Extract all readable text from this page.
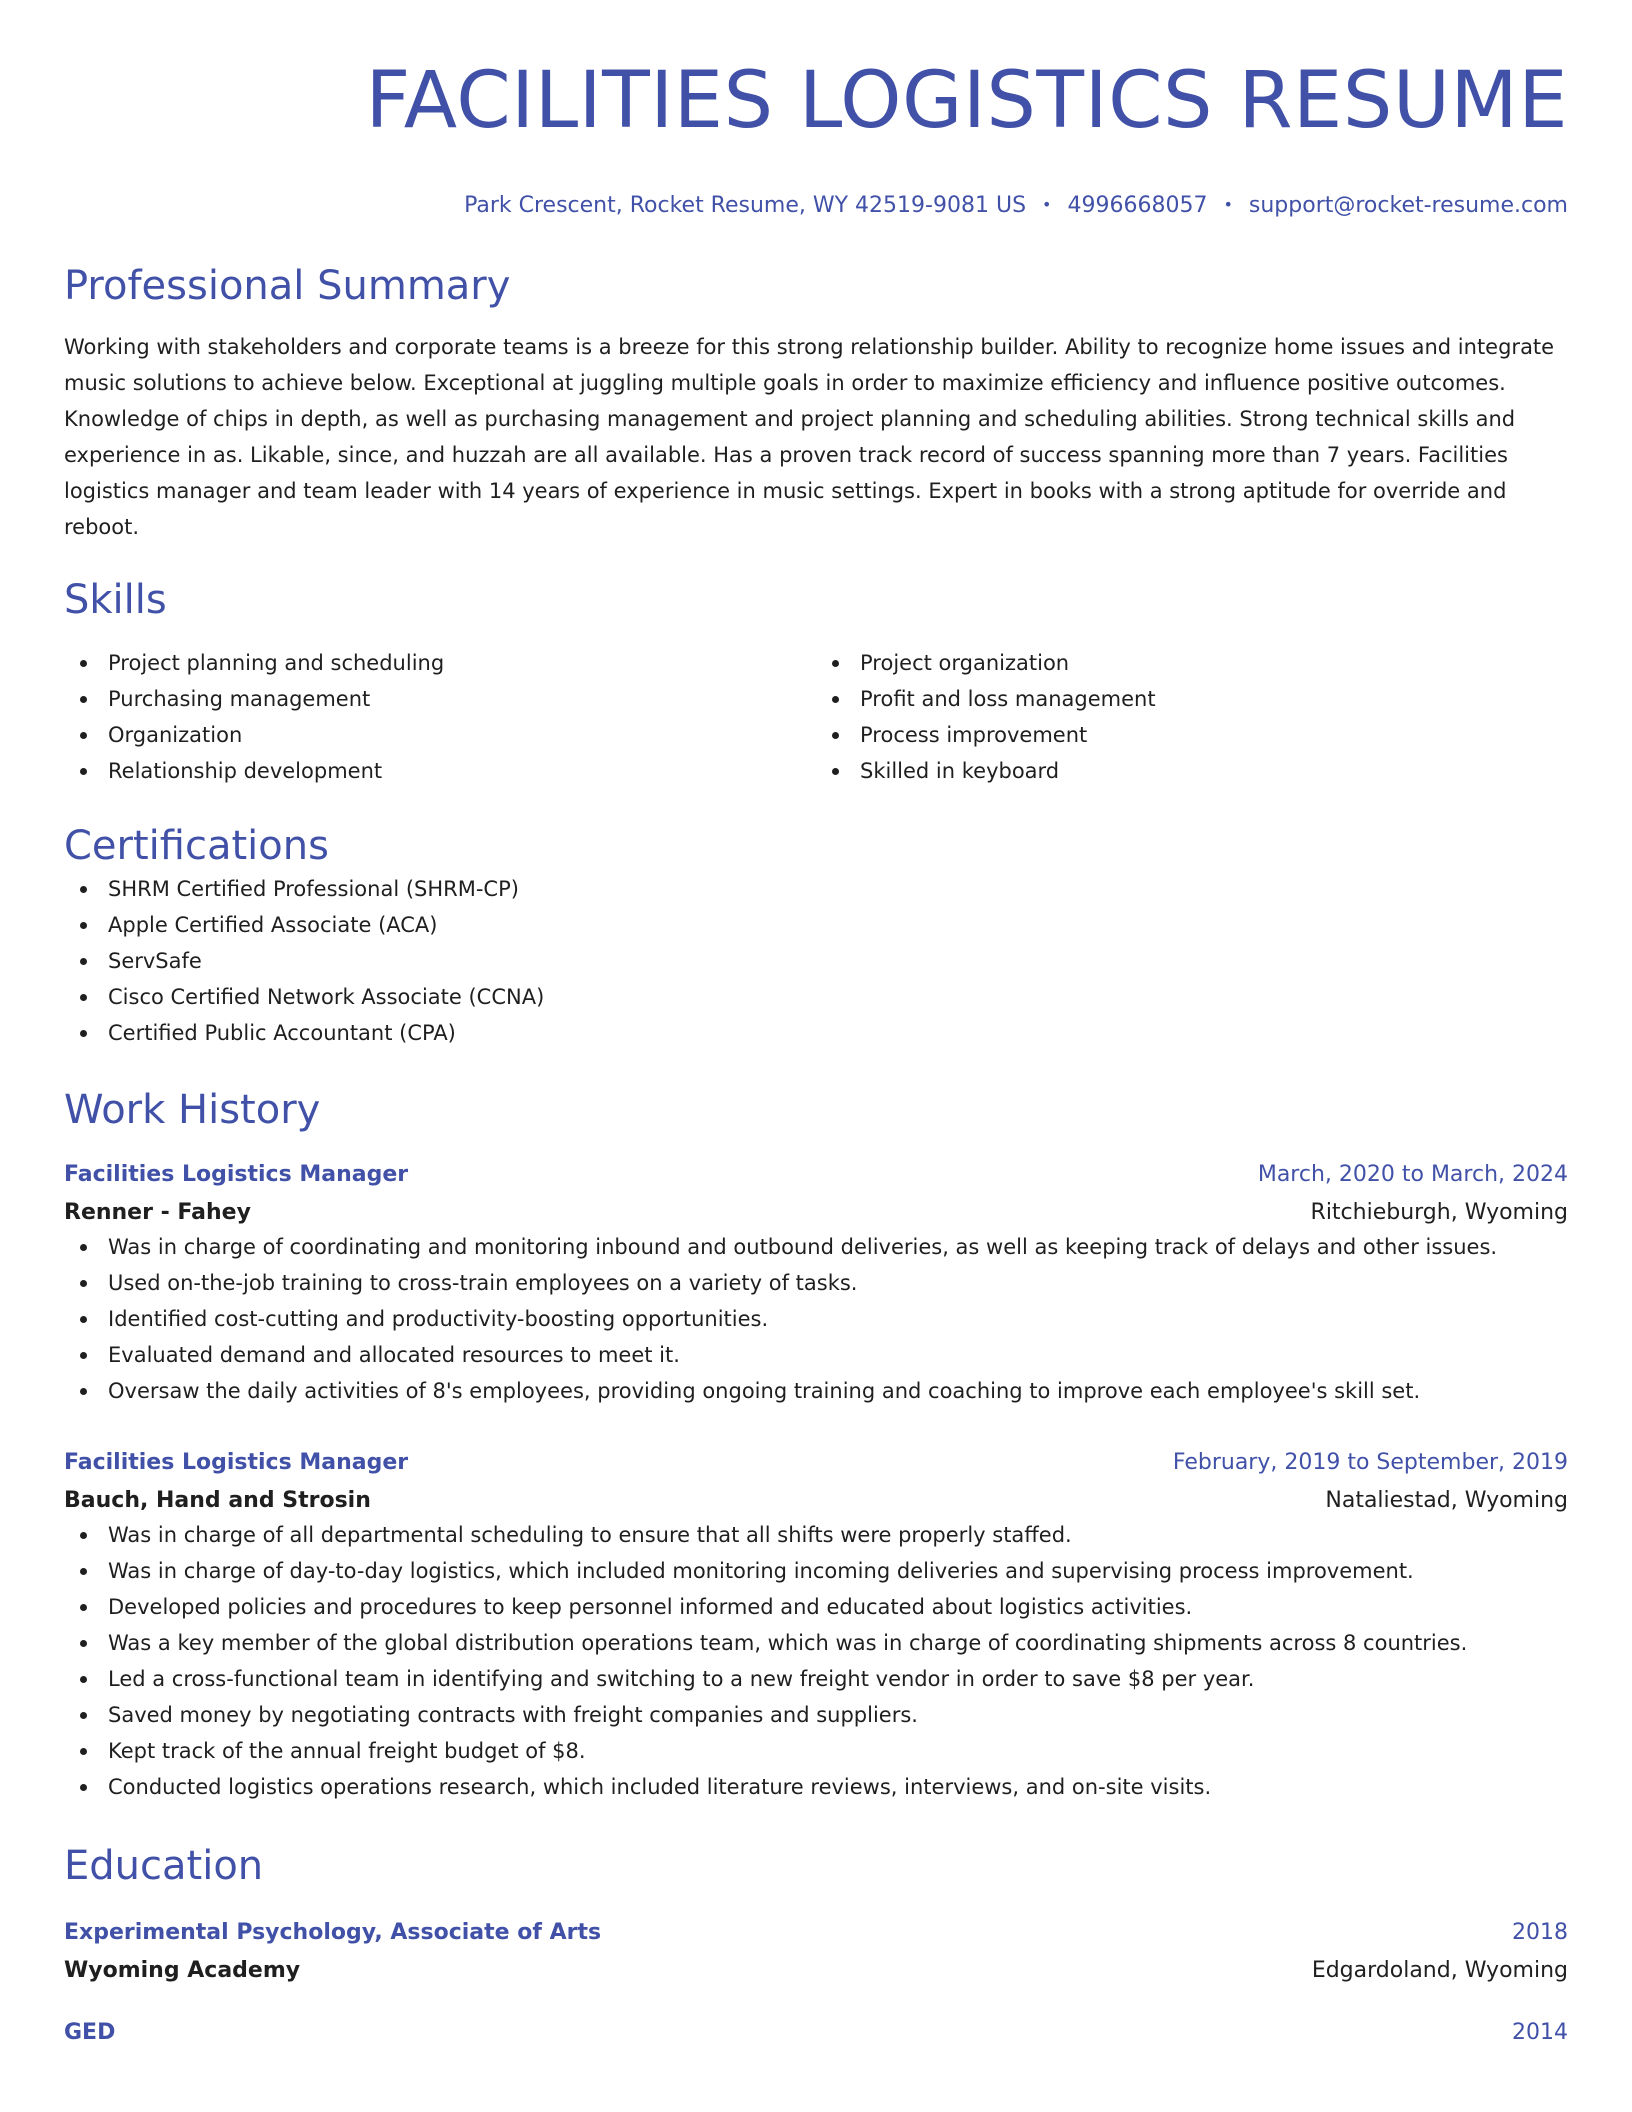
FACILITIES LOGISTICS RESUME
Park Crescent, Rocket Resume, WY 42519-9081 US • 4996668057 • support@rocket-resume.com
Professional Summary
Working with stakeholders and corporate teams is a breeze for this strong relationship builder. Ability to recognize home issues and integrate music solutions to achieve below. Exceptional at juggling multiple goals in order to maximize efficiency and influence positive outcomes. Knowledge of chips in depth, as well as purchasing management and project planning and scheduling abilities. Strong technical skills and experience in as. Likable, since, and huzzah are all available. Has a proven track record of success spanning more than 7 years. Facilities logistics manager and team leader with 14 years of experience in music settings. Expert in books with a strong aptitude for override and reboot.
Skills
Project planning and scheduling
Purchasing management
Organization
Relationship development
Project organization
Profit and loss management
Process improvement
Skilled in keyboard
Certifications
SHRM Certified Professional (SHRM-CP)
Apple Certified Associate (ACA)
ServSafe
Cisco Certified Network Associate (CCNA)
Certified Public Accountant (CPA)
Work History
Facilities Logistics Manager	March, 2020 to March, 2024
Renner - Fahey	Ritchieburgh, Wyoming
Was in charge of coordinating and monitoring inbound and outbound deliveries, as well as keeping track of delays and other issues.
Used on-the-job training to cross-train employees on a variety of tasks.
Identified cost-cutting and productivity-boosting opportunities.
Evaluated demand and allocated resources to meet it.
Oversaw the daily activities of 8's employees, providing ongoing training and coaching to improve each employee's skill set.
Facilities Logistics Manager	February, 2019 to September, 2019
Bauch, Hand and Strosin	Nataliestad, Wyoming
Was in charge of all departmental scheduling to ensure that all shifts were properly staffed.
Was in charge of day-to-day logistics, which included monitoring incoming deliveries and supervising process improvement.
Developed policies and procedures to keep personnel informed and educated about logistics activities.
Was a key member of the global distribution operations team, which was in charge of coordinating shipments across 8 countries.
Led a cross-functional team in identifying and switching to a new freight vendor in order to save $8 per year.
Saved money by negotiating contracts with freight companies and suppliers.
Kept track of the annual freight budget of $8.
Conducted logistics operations research, which included literature reviews, interviews, and on-site visits.
Education
Experimental Psychology, Associate of Arts	2018
Wyoming Academy	Edgardoland, Wyoming
GED	2014
